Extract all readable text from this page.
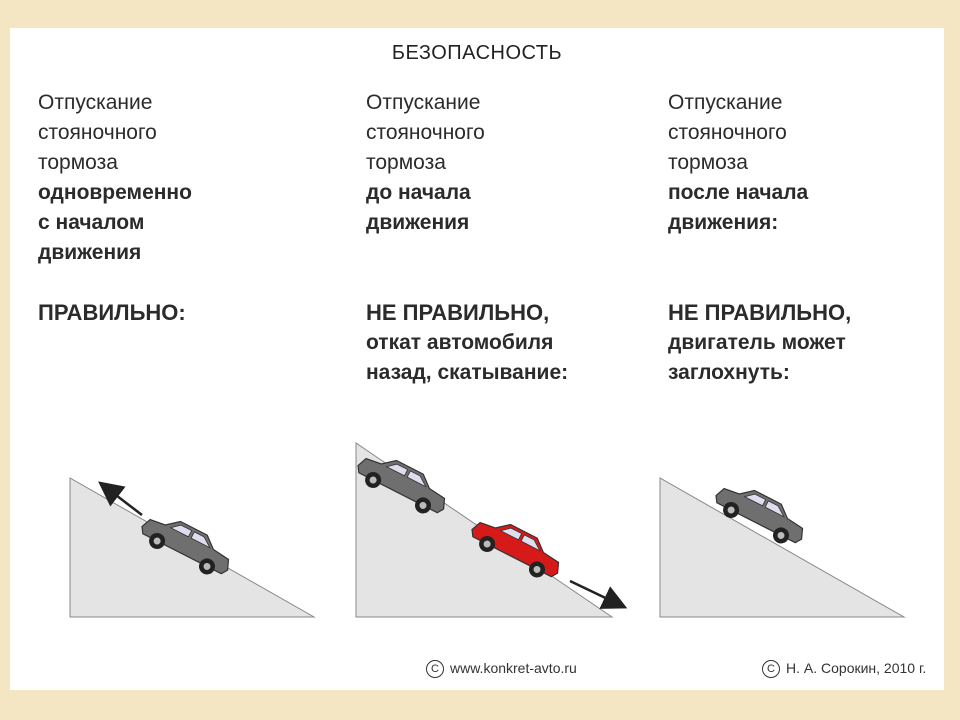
БЕЗОПАСНОСТЬ
Отпускание
стояночного
тормоза
одновременно
с началом
движения
ПРАВИЛЬНО:
Отпускание
стояночного
тормоза
до начала
движения
НЕ ПРАВИЛЬНО,
откат автомобиля
назад, скатывание:
Отпускание
стояночного
тормоза
после начала
движения:
НЕ ПРАВИЛЬНО,
двигатель может
заглохнуть:
C www.konkret-avto.ru	C Н. А. Сорокин, 2010 г.
